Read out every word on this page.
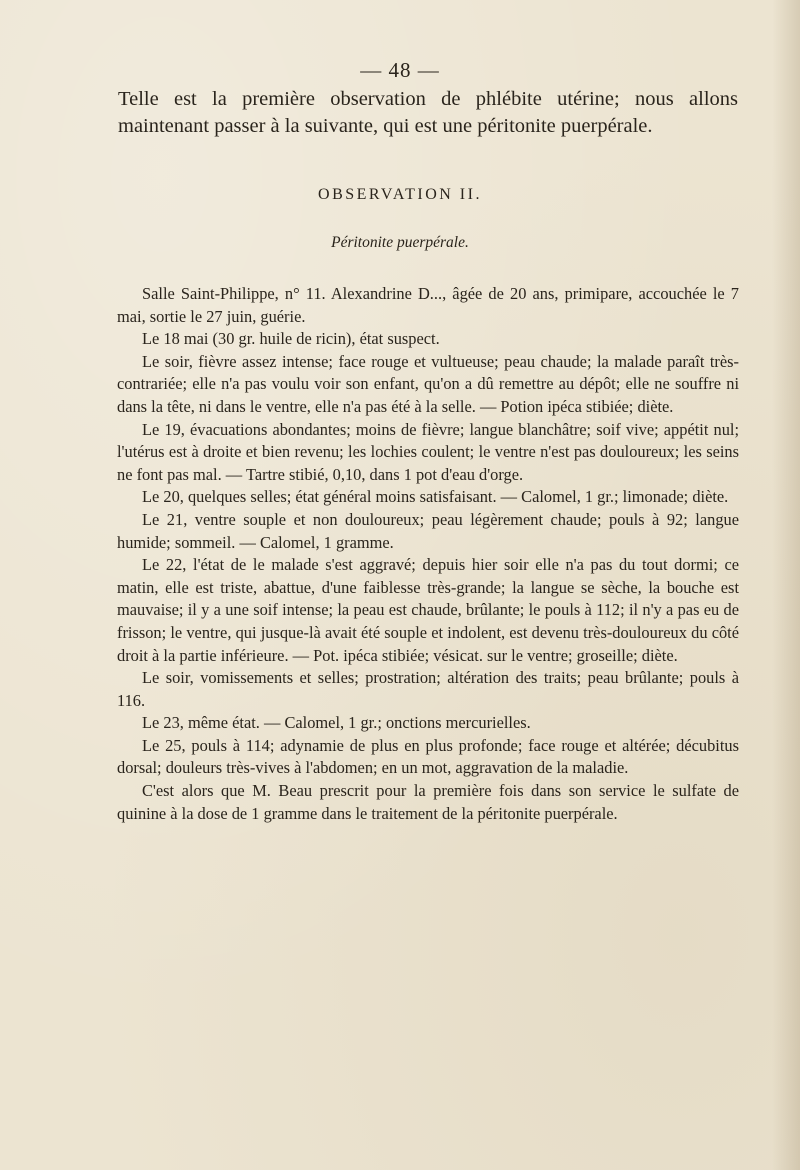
— 48 —
Telle est la première observation de phlébite utérine; nous allons maintenant passer à la suivante, qui est une péritonite puerpérale.
OBSERVATION II.
Péritonite puerpérale.

Salle Saint-Philippe, n° 11. Alexandrine D..., âgée de 20 ans, primipare, accouchée le 7 mai, sortie le 27 juin, guérie.

Le 18 mai (30 gr. huile de ricin), état suspect.

Le soir, fièvre assez intense; face rouge et vultueuse; peau chaude; la malade paraît très-contrariée; elle n'a pas voulu voir son enfant, qu'on a dû remettre au dépôt; elle ne souffre ni dans la tête, ni dans le ventre, elle n'a pas été à la selle. — Potion ipéca stibiée; diète.

Le 19, évacuations abondantes; moins de fièvre; langue blanchâtre; soif vive; appétit nul; l'utérus est à droite et bien revenu; les lochies coulent; le ventre n'est pas douloureux; les seins ne font pas mal. — Tartre stibié, 0,10, dans 1 pot d'eau d'orge.

Le 20, quelques selles; état général moins satisfaisant. — Calomel, 1 gr.; limonade; diète.

Le 21, ventre souple et non douloureux; peau légèrement chaude; pouls à 92; langue humide; sommeil. — Calomel, 1 gramme.

Le 22, l'état de le malade s'est aggravé; depuis hier soir elle n'a pas du tout dormi; ce matin, elle est triste, abattue, d'une faiblesse très-grande; la langue se sèche, la bouche est mauvaise; il y a une soif intense; la peau est chaude, brûlante; le pouls à 112; il n'y a pas eu de frisson; le ventre, qui jusque-là avait été souple et indolent, est devenu très-douloureux du côté droit à la partie inférieure. — Pot. ipéca stibiée; vésicat. sur le ventre; groseille; diète.

Le soir, vomissements et selles; prostration; altération des traits; peau brûlante; pouls à 116.

Le 23, même état. — Calomel, 1 gr.; onctions mercurielles.

Le 25, pouls à 114; adynamie de plus en plus profonde; face rouge et altérée; décubitus dorsal; douleurs très-vives à l'abdomen; en un mot, aggravation de la maladie.

C'est alors que M. Beau prescrit pour la première fois dans son service le sulfate de quinine à la dose de 1 gramme dans le traitement de la péritonite puerpérale.
